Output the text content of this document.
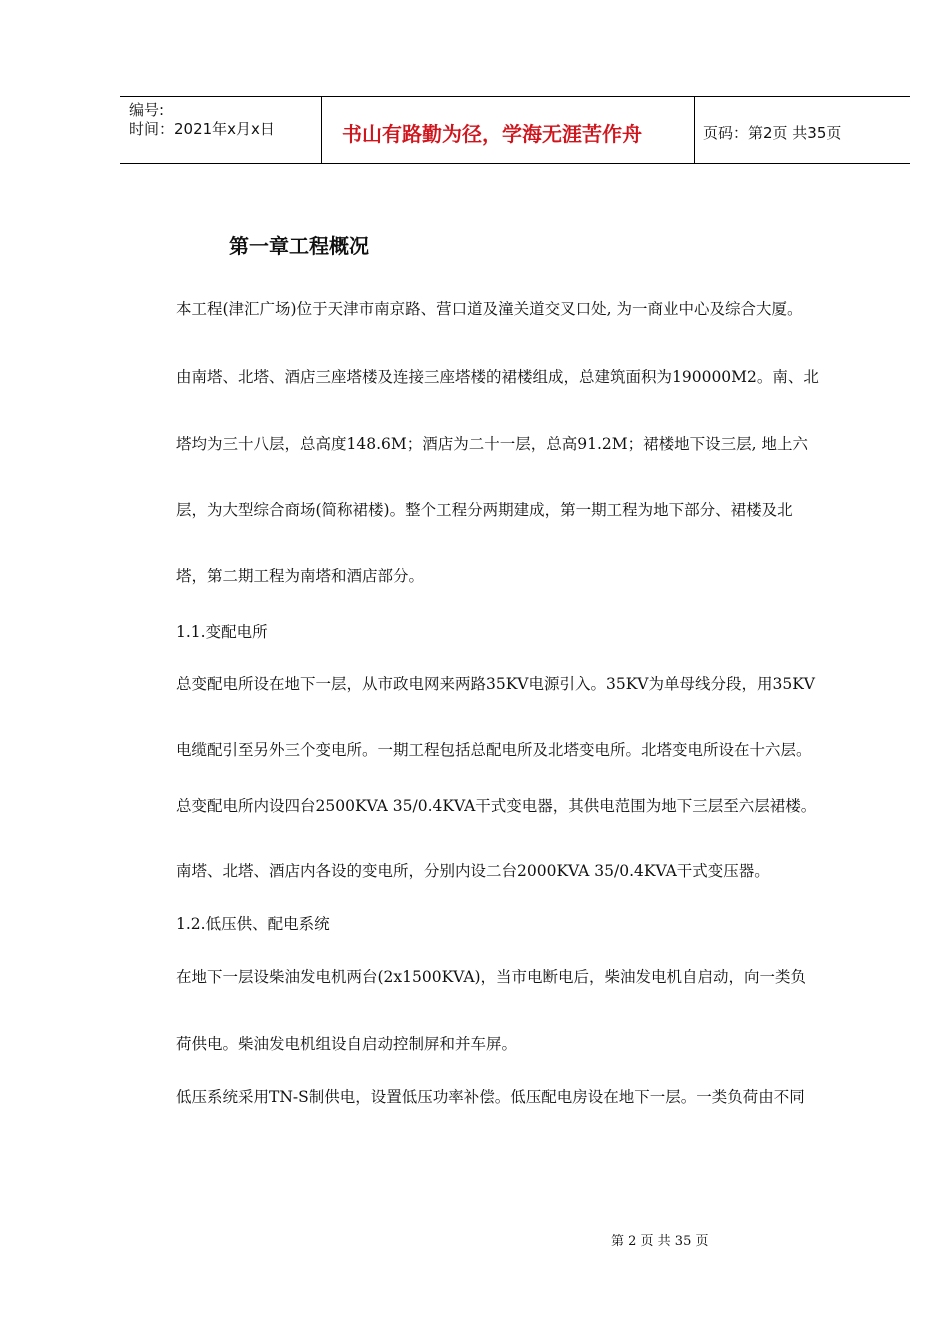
编号:
时间：2021年x月x日	书山有路勤为径，学海无涯苦作舟	页码：第2页 共35页
第一章工程概况
本工程(津汇广场)位于天津市南京路、营口道及潼关道交叉口处, 为一商业中心及综合大厦。
由南塔、北塔、酒店三座塔楼及连接三座塔楼的裙楼组成，总建筑面积为190000M2。南、北
塔均为三十八层，总高度148.6M；酒店为二十一层，总高91.2M；裙楼地下设三层, 地上六
层，为大型综合商场(简称裙楼)。整个工程分两期建成，第一期工程为地下部分、裙楼及北
塔，第二期工程为南塔和酒店部分。
1.1.变配电所
总变配电所设在地下一层，从市政电网来两路35KV电源引入。35KV为单母线分段，用35KV
电缆配引至另外三个变电所。一期工程包括总配电所及北塔变电所。北塔变电所设在十六层。
总变配电所内设四台2500KVA 35/0.4KVA干式变电器，其供电范围为地下三层至六层裙楼。
南塔、北塔、酒店内各设的变电所，分别内设二台2000KVA 35/0.4KVA干式变压器。
1.2.低压供、配电系统
在地下一层设柴油发电机两台(2x1500KVA)，当市电断电后，柴油发电机自启动，向一类负
荷供电。柴油发电机组设自启动控制屏和并车屏。
低压系统采用TN-S制供电，设置低压功率补偿。低压配电房设在地下一层。一类负荷由不同
第 2 页 共 35 页
